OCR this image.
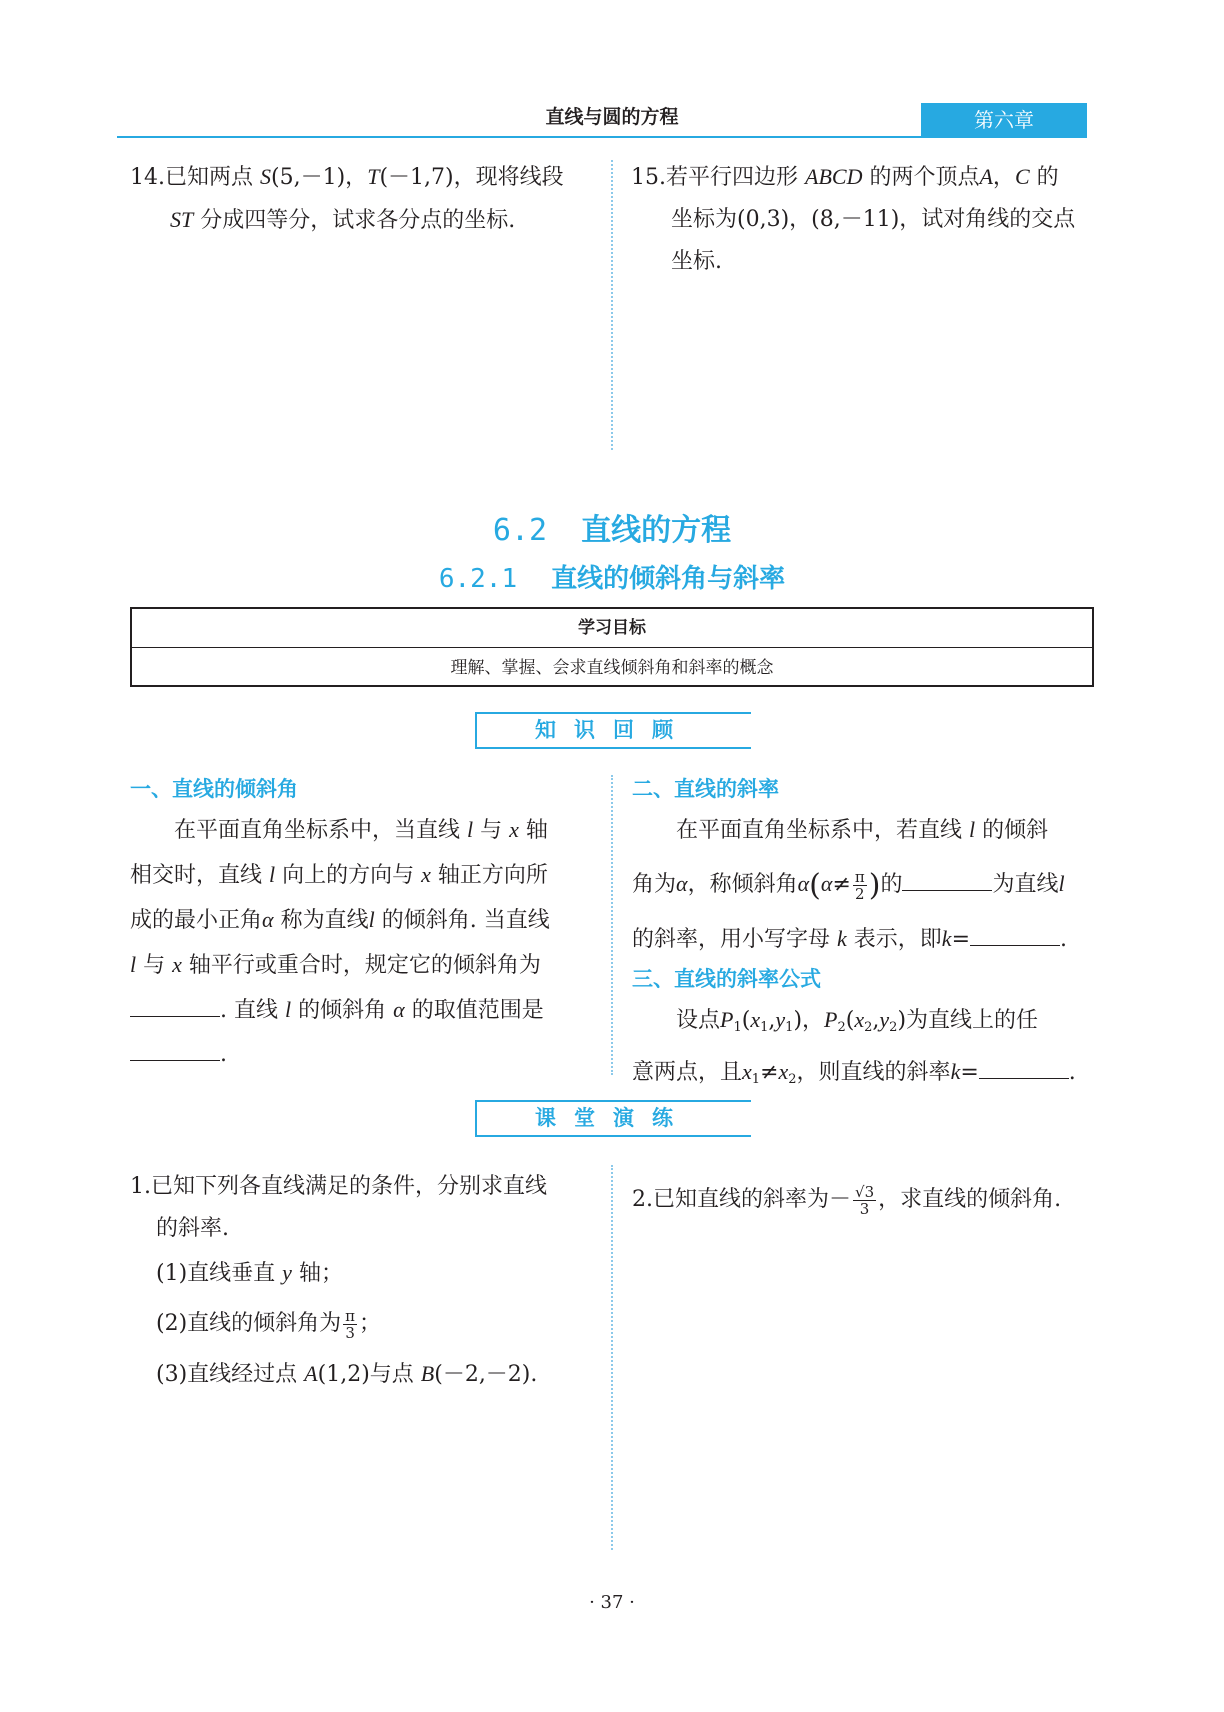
直线与圆的方程	第六章
14.已知两点 S(5,－1)，T(－1,7)，现将线段
ST 分成四等分，试求各分点的坐标.
15.若平行四边形 ABCD 的两个顶点A，C 的
坐标为(0,3)，(8,－11)，试对角线的交点
坐标.
6.2 直线的方程
6.2.1 直线的倾斜角与斜率
学习目标
理解、掌握、会求直线倾斜角和斜率的概念
知识回顾
一、直线的倾斜角
在平面直角坐标系中，当直线 l 与 x 轴
相交时，直线 l 向上的方向与 x 轴正方向所
成的最小正角α 称为直线l 的倾斜角. 当直线
l 与 x 轴平行或重合时，规定它的倾斜角为
. 直线 l 的倾斜角 α 的取值范围是
.
二、直线的斜率
在平面直角坐标系中，若直线 l 的倾斜
角为α，称倾斜角$\alpha(\alpha\ne \frac{\pi}{2}$ )的	为直线l
的斜率，用小写字母 k 表示，即k=	.
三、直线的斜率公式
设点$P_1(x_1,y_1)$，$P_2(x_2,y_2)$为直线上的任
意两点，且$x_1\ne x_2$，则直线的斜率k=	.
课堂演练
1.已知下列各直线满足的条件，分别求直线
的斜率.
(1)直线垂直 y 轴；
(2)直线的倾斜角为 $\frac{\pi}{3}$ ；
(3)直线经过点 A(1,2)与点 B(－2,－2).
2.已知直线的斜率为－ $\frac{√3}{3}$ ，求直线的倾斜角.
· 37 ·
